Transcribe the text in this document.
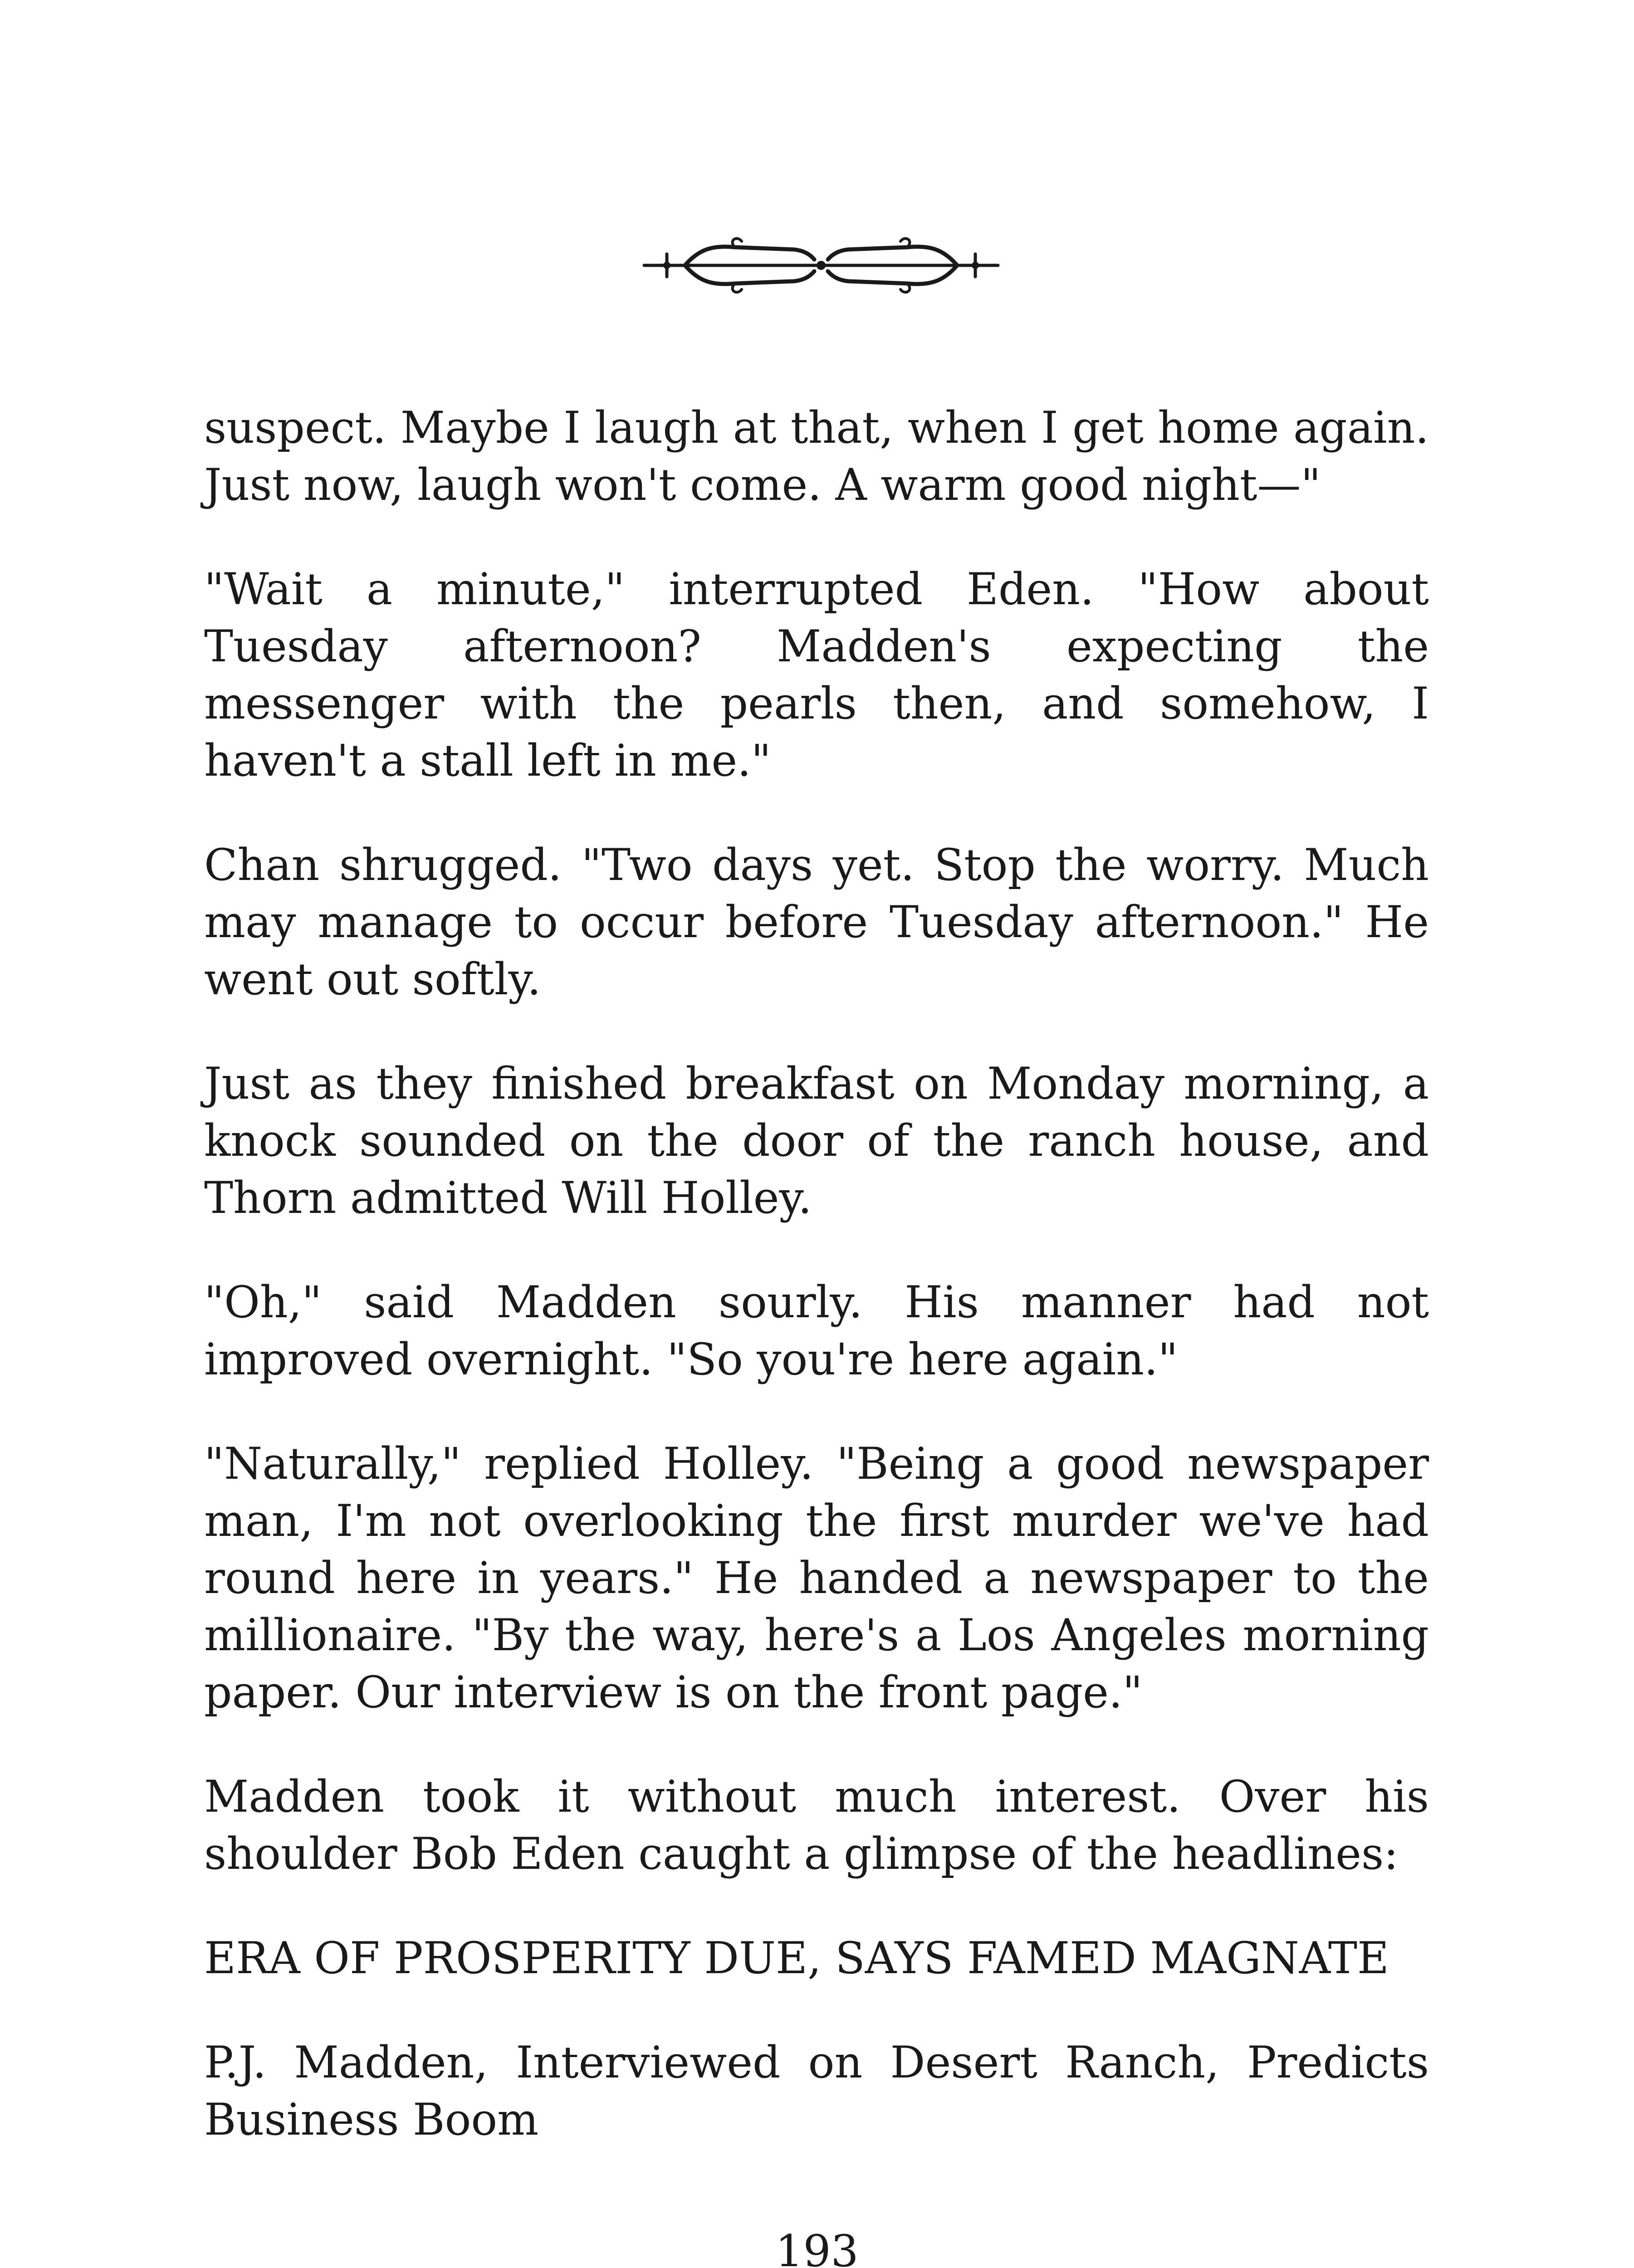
suspect. Maybe I laugh at that, when I get home again. Just now, laugh won't come. A warm good night—"

"Wait a minute," interrupted Eden. "How about Tuesday afternoon? Madden's expecting the messenger with the pearls then, and somehow, I haven't a stall left in me."

Chan shrugged. "Two days yet. Stop the worry. Much may manage to occur before Tuesday afternoon." He went out softly.

Just as they finished breakfast on Monday morning, a knock sounded on the door of the ranch house, and Thorn admitted Will Holley.

"Oh," said Madden sourly. His manner had not improved overnight. "So you're here again."

"Naturally," replied Holley. "Being a good newspaper man, I'm not overlooking the first murder we've had round here in years." He handed a newspaper to the millionaire. "By the way, here's a Los Angeles morning paper. Our interview is on the front page."

Madden took it without much interest. Over his shoulder Bob Eden caught a glimpse of the headlines:

ERA OF PROSPERITY DUE, SAYS FAMED MAGNATE

P.J. Madden, Interviewed on Desert Ranch, Predicts Business Boom

193
